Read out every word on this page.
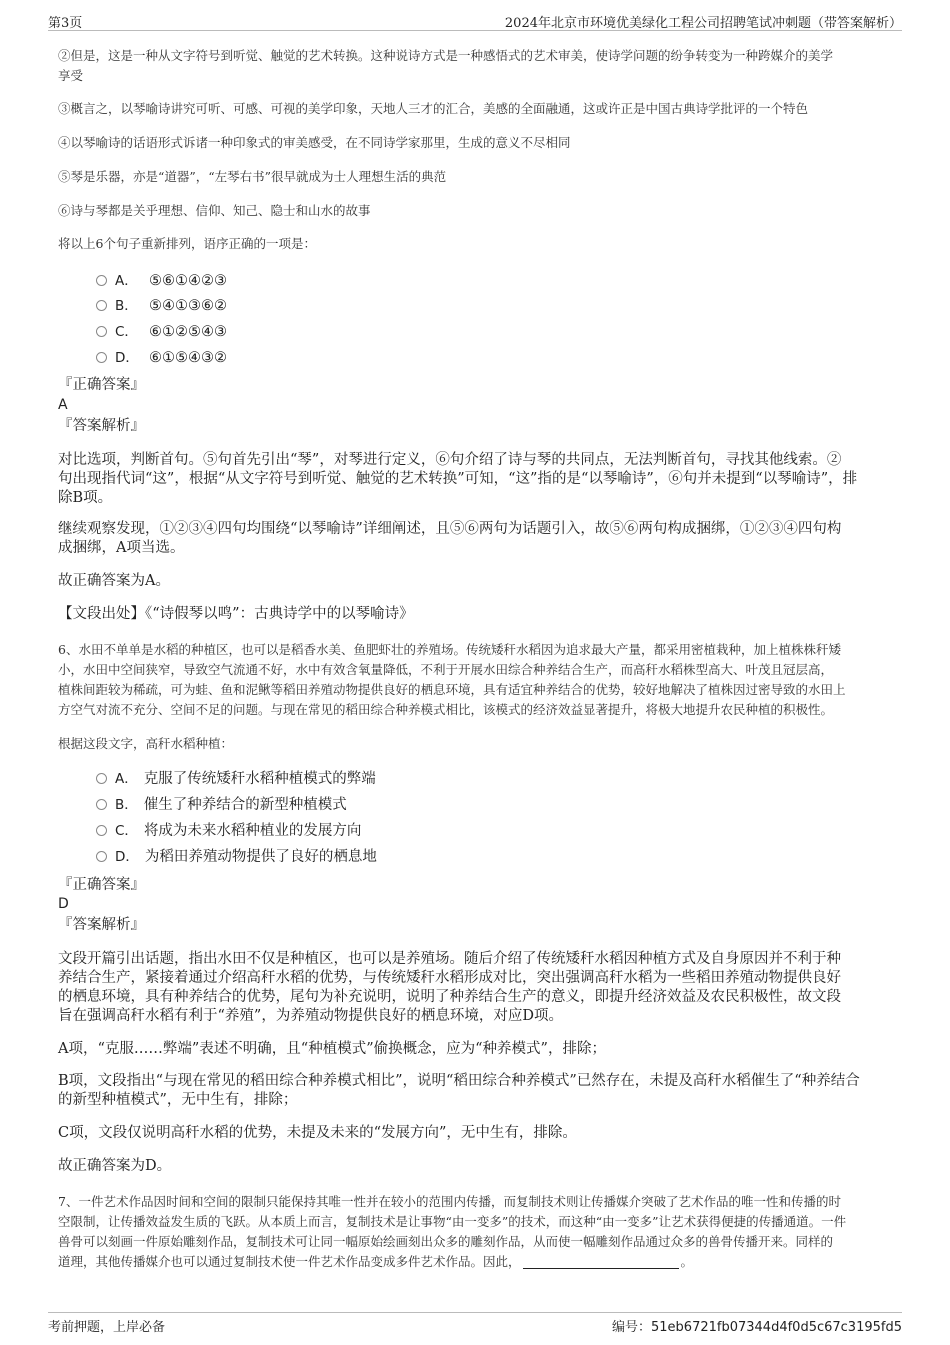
第3页	2024年北京市环境优美绿化工程公司招聘笔试冲刺题（带答案解析）
②但是，这是一种从文字符号到听觉、触觉的艺术转换。这种说诗方式是一种感悟式的艺术审美，使诗学问题的纷争转变为一种跨媒介的美学
享受
③概言之，以琴喻诗讲究可听、可感、可视的美学印象，天地人三才的汇合，美感的全面融通，这或许正是中国古典诗学批评的一个特色
④以琴喻诗的话语形式诉诸一种印象式的审美感受，在不同诗学家那里，生成的意义不尽相同
⑤琴是乐器，亦是“道器”，“左琴右书”很早就成为士人理想生活的典范
⑥诗与琴都是关乎理想、信仰、知己、隐士和山水的故事
将以上6个句子重新排列，语序正确的一项是：
A． ⑤⑥①④②③
B． ⑤④①③⑥②
C． ⑥①②⑤④③
D． ⑥①⑤④③②
『正确答案』
A
『答案解析』
对比选项，判断首句。⑤句首先引出“琴”，对琴进行定义，⑥句介绍了诗与琴的共同点，无法判断首句，寻找其他线索。②
句出现指代词“这”，根据“从文字符号到听觉、触觉的艺术转换”可知，“这”指的是“以琴喻诗”，⑥句并未提到“以琴喻诗”，排
除B项。
继续观察发现，①②③④四句均围绕“以琴喻诗”详细阐述，且⑤⑥两句为话题引入，故⑤⑥两句构成捆绑，①②③④四句构
成捆绑，A项当选。
故正确答案为A。
【文段出处】《“诗假琴以鸣”：古典诗学中的以琴喻诗》
6、水田不单单是水稻的种植区，也可以是稻香水美、鱼肥虾壮的养殖场。传统矮秆水稻因为追求最大产量，都采用密植栽种，加上植株株秆矮
小，水田中空间狭窄，导致空气流通不好，水中有效含氧量降低，不利于开展水田综合种养结合生产，而高秆水稻株型高大、叶茂且冠层高，
植株间距较为稀疏，可为蛙、鱼和泥鳅等稻田养殖动物提供良好的栖息环境，具有适宜种养结合的优势，较好地解决了植株因过密导致的水田上
方空气对流不充分、空间不足的问题。与现在常见的稻田综合种养模式相比，该模式的经济效益显著提升，将极大地提升农民种植的积极性。
根据这段文字，高秆水稻种植：
A． 克服了传统矮秆水稻种植模式的弊端
B． 催生了种养结合的新型种植模式
C． 将成为未来水稻种植业的发展方向
D． 为稻田养殖动物提供了良好的栖息地
『正确答案』
D
『答案解析』
文段开篇引出话题，指出水田不仅是种植区，也可以是养殖场。随后介绍了传统矮秆水稻因种植方式及自身原因并不利于种
养结合生产，紧接着通过介绍高秆水稻的优势，与传统矮秆水稻形成对比，突出强调高秆水稻为一些稻田养殖动物提供良好
的栖息环境，具有种养结合的优势，尾句为补充说明，说明了种养结合生产的意义，即提升经济效益及农民积极性，故文段
旨在强调高秆水稻有利于“养殖”，为养殖动物提供良好的栖息环境，对应D项。
A项，“克服……弊端”表述不明确，且“种植模式”偷换概念，应为“种养模式”，排除；
B项，文段指出“与现在常见的稻田综合种养模式相比”，说明“稻田综合种养模式”已然存在，未提及高秆水稻催生了“种养结合
的新型种植模式”，无中生有，排除；
C项，文段仅说明高秆水稻的优势，未提及未来的“发展方向”，无中生有，排除。
故正确答案为D。
7、一件艺术作品因时间和空间的限制只能保持其唯一性并在较小的范围内传播，而复制技术则让传播媒介突破了艺术作品的唯一性和传播的时
空限制，让传播效益发生质的飞跃。从本质上而言，复制技术是让事物“由一变多”的技术，而这种“由一变多”让艺术获得便捷的传播通道。一件
兽骨可以刻画一件原始雕刻作品，复制技术可让同一幅原始绘画刻出众多的雕刻作品，从而使一幅雕刻作品通过众多的兽骨传播开来。同样的
道理，其他传播媒介也可以通过复制技术使一件艺术作品变成多件艺术作品。因此，	。
考前押题，上岸必备	编号：51eb6721fb07344d4f0d5c67c3195fd5
